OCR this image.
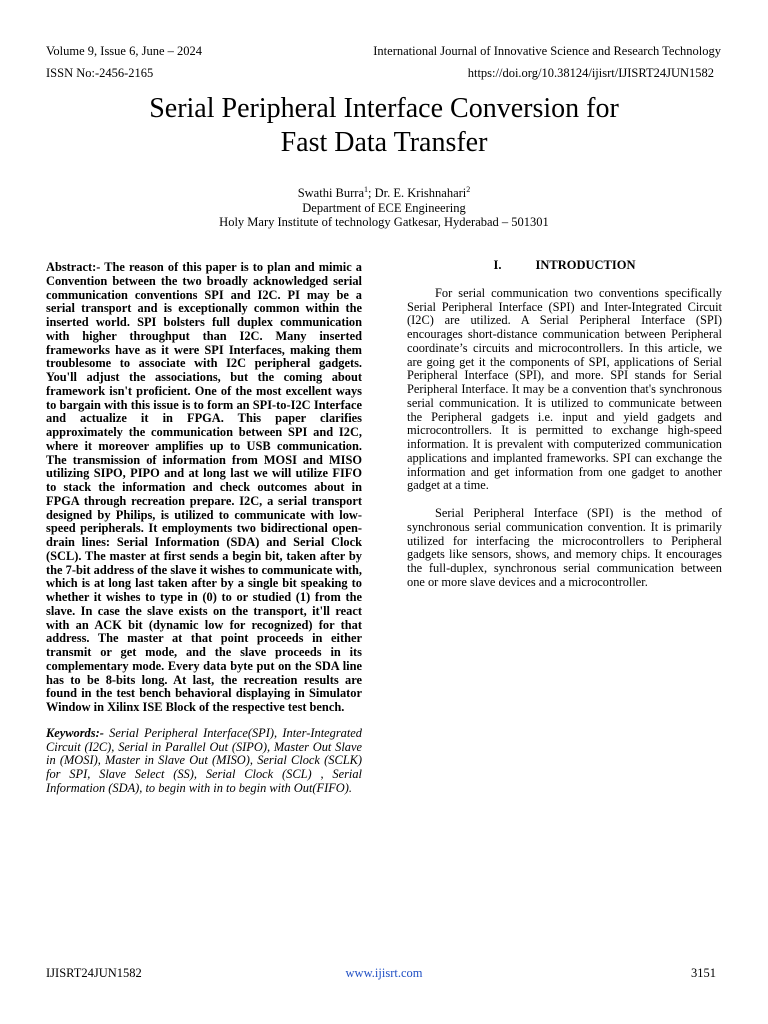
Volume 9, Issue 6, June – 2024	International Journal of Innovative Science and Research Technology
ISSN No:-2456-2165	https://doi.org/10.38124/ijisrt/IJISRT24JUN1582
Serial Peripheral Interface Conversion for
Fast Data Transfer
Swathi Burra$^1$; Dr. E. Krishnahari$^2$
Department of ECE Engineering
Holy Mary Institute of technology Gatkesar, Hyderabad – 501301

Abstract:- The reason of this paper is to plan and mimic a Convention between the two broadly acknowledged serial communication conventions SPI and I2C. PI may be a serial transport and is exceptionally common within the inserted world. SPI bolsters full duplex communication with higher throughput than I2C. Many inserted frameworks have as it were SPI Interfaces, making them troublesome to associate with I2C peripheral gadgets. You'll adjust the associations, but the coming about framework isn't proficient. One of the most excellent ways to bargain with this issue is to form an SPI-to-I2C Interface and actualize it in FPGA. This paper clarifies approximately the communication between SPI and I2C, where it moreover amplifies up to USB communication. The transmission of information from MOSI and MISO utilizing SIPO, PIPO and at long last we will utilize FIFO to stack the information and check outcomes about in FPGA through recreation prepare. I2C, a serial transport designed by Philips, is utilized to communicate with low-speed peripherals. It employments two bidirectional open-drain lines: Serial Information (SDA) and Serial Clock (SCL). The master at first sends a begin bit, taken after by the 7-bit address of the slave it wishes to communicate with, which is at long last taken after by a single bit speaking to whether it wishes to type in (0) to or studied (1) from the slave. In case the slave exists on the transport, it'll react with an ACK bit (dynamic low for recognized) for that address. The master at that point proceeds in either transmit or get mode, and the slave proceeds in its complementary mode. Every data byte put on the SDA line has to be 8-bits long. At last, the recreation results are found in the test bench behavioral displaying in Simulator Window in Xilinx ISE Block of the respective test bench.

Keywords:- Serial Peripheral Interface(SPI), Inter-Integrated Circuit (I2C), Serial in Parallel Out (SIPO), Master Out Slave in (MOSI), Master in Slave Out (MISO), Serial Clock (SCLK) for SPI, Slave Select (SS), Serial Clock (SCL) , Serial Information (SDA), to begin with in to begin with Out(FIFO).

I.	INTRODUCTION

For serial communication two conventions specifically Serial Peripheral Interface (SPI) and Inter-Integrated Circuit (I2C) are utilized. A Serial Peripheral Interface (SPI) encourages short-distance communication between Peripheral coordinate’s circuits and microcontrollers. In this article, we are going get it the components of SPI, applications of Serial Peripheral Interface (SPI), and more. SPI stands for Serial Peripheral Interface. It may be a convention that's synchronous serial communication. It is utilized to communicate between the Peripheral gadgets i.e. input and yield gadgets and microcontrollers. It is permitted to exchange high-speed information. It is prevalent with computerized communication applications and implanted frameworks. SPI can exchange the information and get information from one gadget to another gadget at a time.

Serial Peripheral Interface (SPI) is the method of synchronous serial communication convention. It is primarily utilized for interfacing the microcontrollers to Peripheral gadgets like sensors, shows, and memory chips. It encourages the full-duplex, synchronous serial communication between one or more slave devices and a microcontroller.

IJISRT24JUN1582	www.ijisrt.com	3151
